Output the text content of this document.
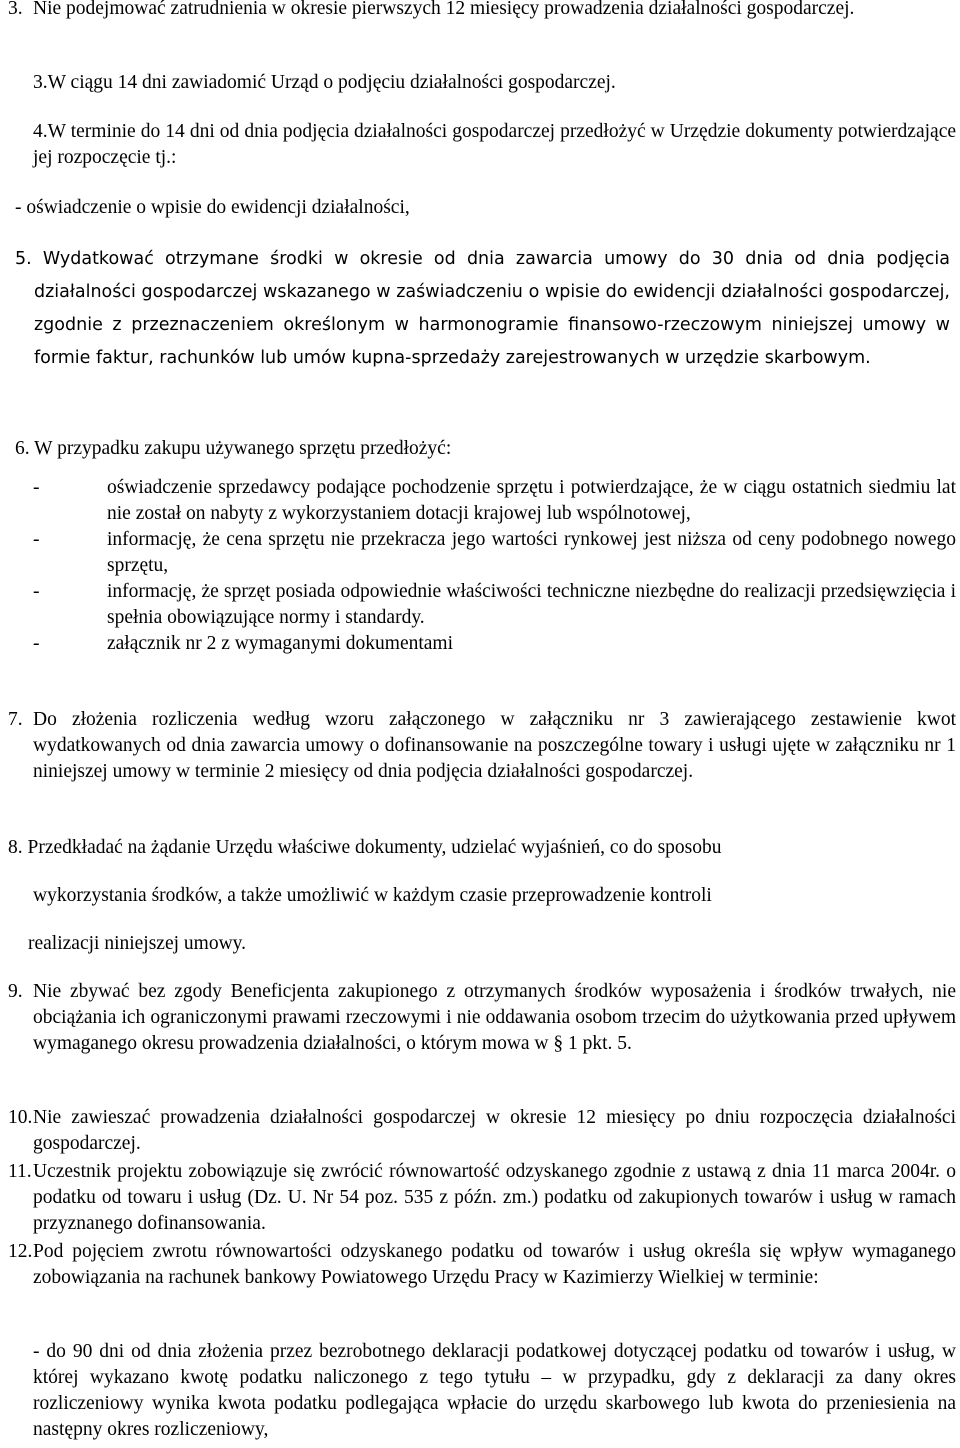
3. Nie podejmować zatrudnienia w okresie pierwszych 12 miesięcy prowadzenia działalności gospodarczej.
3.W ciągu 14 dni zawiadomić Urząd o podjęciu działalności gospodarczej.
4.W terminie do 14 dni od dnia podjęcia działalności gospodarczej przedłożyć w Urzędzie dokumenty potwierdzające jej rozpoczęcie tj.:
- oświadczenie o wpisie do ewidencji działalności,
5. Wydatkować otrzymane środki w okresie od dnia zawarcia umowy do 30 dnia od dnia podjęcia działalności gospodarczej wskazanego w zaświadczeniu o wpisie do ewidencji działalności gospodarczej, zgodnie z przeznaczeniem określonym w harmonogramie finansowo-rzeczowym niniejszej umowy w formie faktur, rachunków lub umów kupna-sprzedaży zarejestrowanych w urzędzie skarbowym.
6. W przypadku zakupu używanego sprzętu przedłożyć:
-	oświadczenie sprzedawcy podające pochodzenie sprzętu i potwierdzające, że w ciągu ostatnich siedmiu lat nie został on nabyty z wykorzystaniem dotacji krajowej lub wspólnotowej,
-	informację, że cena sprzętu nie przekracza jego wartości rynkowej jest niższa od ceny podobnego nowego sprzętu,
-	informację, że sprzęt posiada odpowiednie właściwości techniczne niezbędne do realizacji przedsięwzięcia i spełnia obowiązujące normy i standardy.
-	załącznik nr 2 z wymaganymi dokumentami
7. Do złożenia rozliczenia według wzoru załączonego w załączniku nr 3 zawierającego zestawienie kwot wydatkowanych od dnia zawarcia umowy o dofinansowanie na poszczególne towary i usługi ujęte w załączniku nr 1 niniejszej umowy w terminie 2 miesięcy od dnia podjęcia działalności gospodarczej.
8. Przedkładać na żądanie Urzędu właściwe dokumenty, udzielać wyjaśnień, co do sposobu
wykorzystania środków, a także umożliwić w każdym czasie przeprowadzenie kontroli
realizacji niniejszej umowy.
9. Nie zbywać bez zgody Beneficjenta zakupionego z otrzymanych środków wyposażenia i środków trwałych, nie obciążania ich ograniczonymi prawami rzeczowymi i nie oddawania osobom trzecim do użytkowania przed upływem wymaganego okresu prowadzenia działalności, o którym mowa w § 1 pkt. 5.
10. Nie zawieszać prowadzenia działalności gospodarczej w okresie 12 miesięcy po dniu rozpoczęcia działalności gospodarczej.
11. Uczestnik projektu zobowiązuje się zwrócić równowartość odzyskanego zgodnie z ustawą z dnia 11 marca 2004r. o podatku od towaru i usług (Dz. U. Nr 54 poz. 535 z późn. zm.) podatku od zakupionych towarów i usług w ramach przyznanego dofinansowania.
12. Pod pojęciem zwrotu równowartości odzyskanego podatku od towarów i usług określa się wpływ wymaganego zobowiązania na rachunek bankowy Powiatowego Urzędu Pracy w Kazimierzy Wielkiej w terminie:
- do 90 dni od dnia złożenia przez bezrobotnego deklaracji podatkowej dotyczącej podatku od towarów i usług, w której wykazano kwotę podatku naliczonego z tego tytułu – w przypadku, gdy z deklaracji za dany okres rozliczeniowy wynika kwota podatku podlegająca wpłacie do urzędu skarbowego lub kwota do przeniesienia na następny okres rozliczeniowy,
